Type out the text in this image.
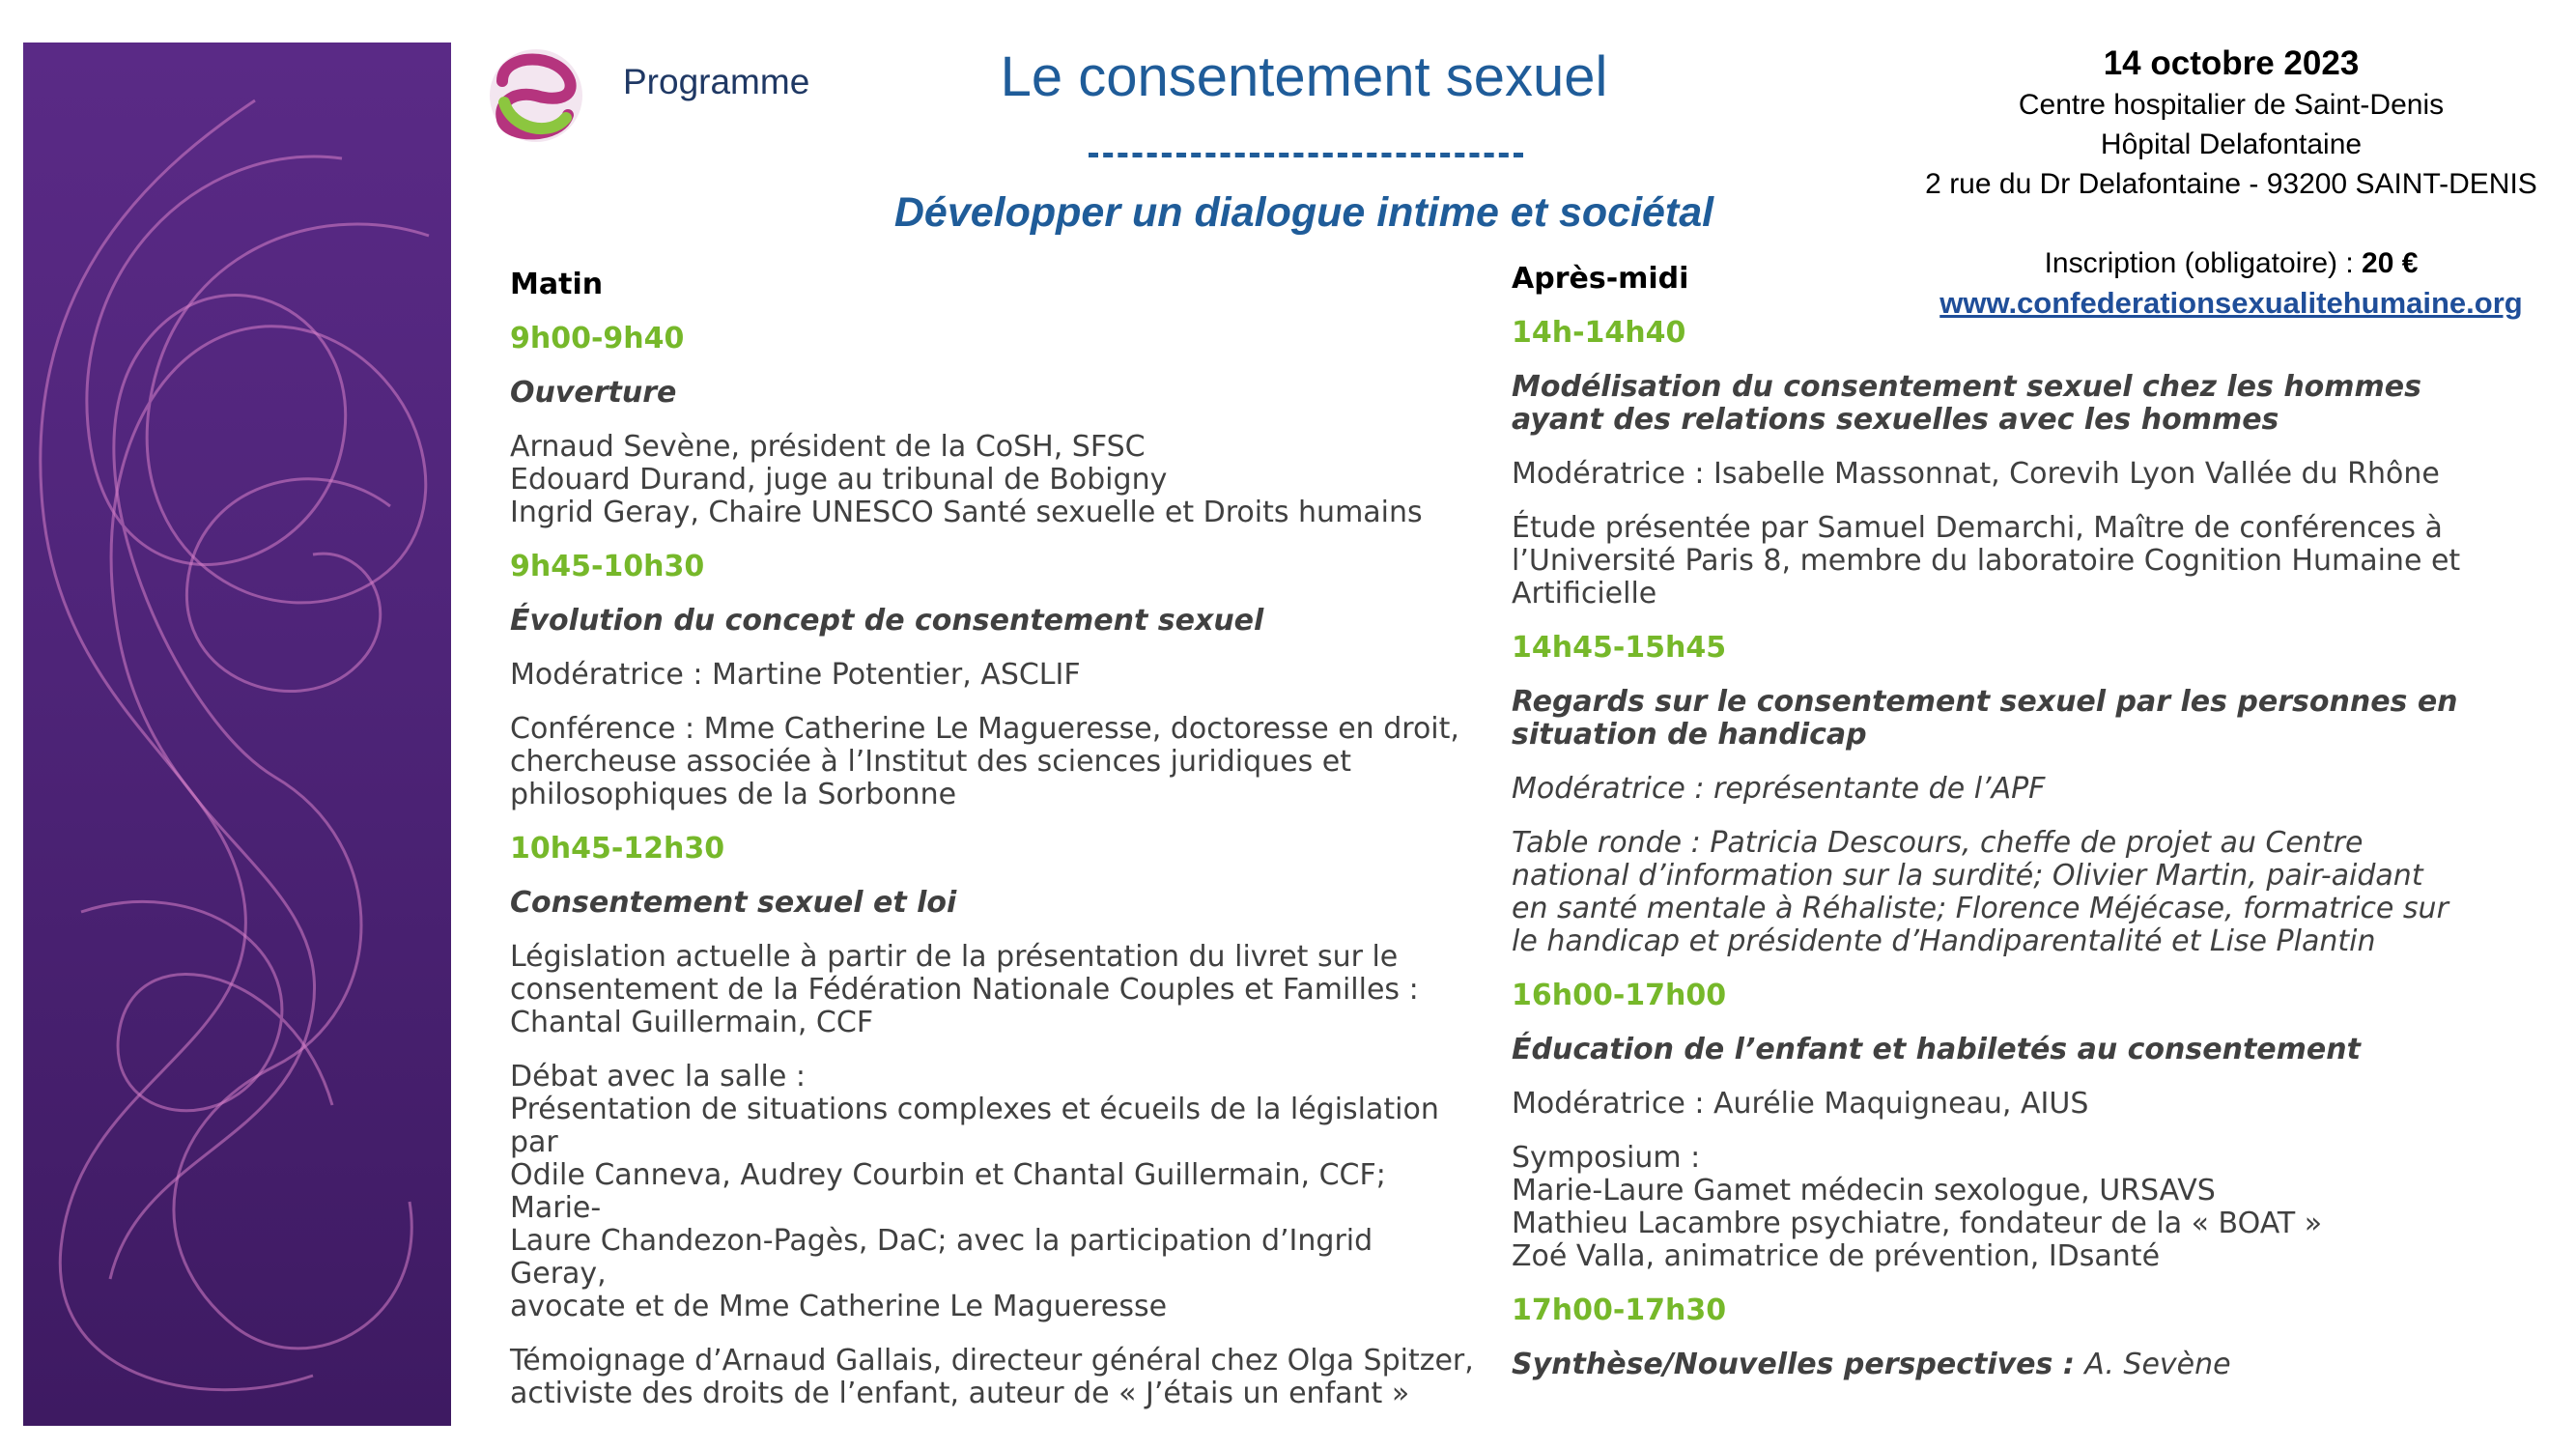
Programme	Le consentement sexuel
Développer un dialogue intime et sociétal
14 octobre 2023
Centre hospitalier de Saint-Denis
Hôpital Delafontaine
2 rue du Dr Delafontaine - 93200 SAINT-DENIS
Inscription (obligatoire) : 20 €
www.confederationsexualitehumaine.org
Matin
9h00-9h40
Ouverture
Arnaud Sevène, président de la CoSH, SFSC
Edouard Durand, juge au tribunal de Bobigny
Ingrid Geray, Chaire UNESCO Santé sexuelle et Droits humains
9h45-10h30
Évolution du concept de consentement sexuel
Modératrice : Martine Potentier, ASCLIF
Conférence : Mme Catherine Le Magueresse, doctoresse en droit,
chercheuse associée à l’Institut des sciences juridiques et
philosophiques de la Sorbonne
10h45-12h30
Consentement sexuel et loi
Législation actuelle à partir de la présentation du livret sur le
consentement de la Fédération Nationale Couples et Familles :
Chantal Guillermain, CCF
Débat avec la salle :
Présentation de situations complexes et écueils de la législation par
Odile Canneva, Audrey Courbin et Chantal Guillermain, CCF; Marie-
Laure Chandezon-Pagès, DaC; avec la participation d’Ingrid Geray,
avocate et de Mme Catherine Le Magueresse
Témoignage d’Arnaud Gallais, directeur général chez Olga Spitzer,
activiste des droits de l’enfant, auteur de « J’étais un enfant »
Après-midi
14h-14h40
Modélisation du consentement sexuel chez les hommes
ayant des relations sexuelles avec les hommes
Modératrice : Isabelle Massonnat, Corevih Lyon Vallée du Rhône
Étude présentée par Samuel Demarchi, Maître de conférences à
l’Université Paris 8, membre du laboratoire Cognition Humaine et
Artificielle
14h45-15h45
Regards sur le consentement sexuel par les personnes en
situation de handicap
Modératrice : représentante de l’APF
Table ronde : Patricia Descours, cheffe de projet au Centre
national d’information sur la surdité; Olivier Martin, pair-aidant
en santé mentale à Réhaliste; Florence Méjécase, formatrice sur
le handicap et présidente d’Handiparentalité et Lise Plantin
16h00-17h00
Éducation de l’enfant et habiletés au consentement
Modératrice : Aurélie Maquigneau, AIUS
Symposium :
Marie-Laure Gamet médecin sexologue, URSAVS
Mathieu Lacambre psychiatre, fondateur de la « BOAT »
Zoé Valla, animatrice de prévention, IDsanté
17h00-17h30
Synthèse/Nouvelles perspectives : A. Sevène
